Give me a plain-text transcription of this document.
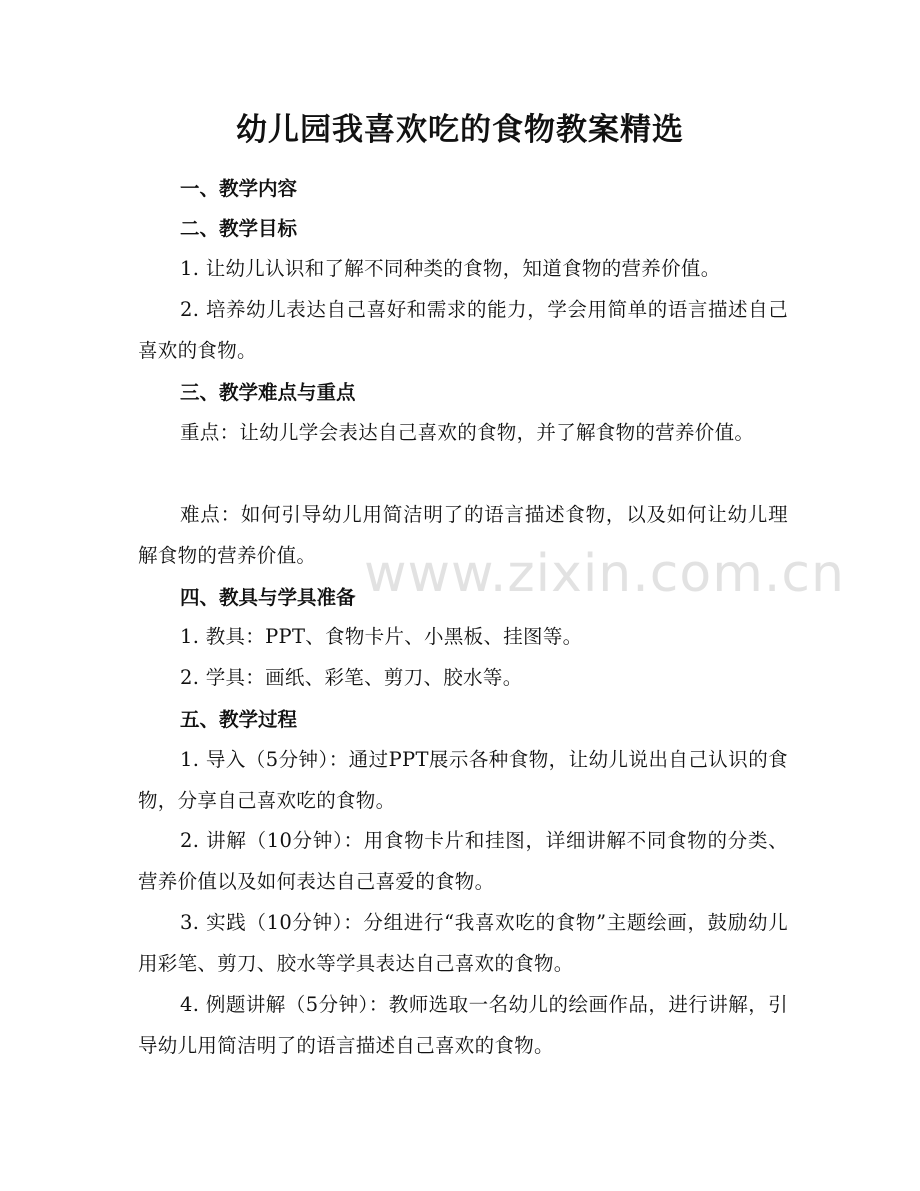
幼儿园我喜欢吃的食物教案精选
一、教学内容
二、教学目标
1. 让幼儿认识和了解不同种类的食物，知道食物的营养价值。
2. 培养幼儿表达自己喜好和需求的能力，学会用简单的语言描述自己喜欢的食物。
三、教学难点与重点
重点：让幼儿学会表达自己喜欢的食物，并了解食物的营养价值。
难点：如何引导幼儿用简洁明了的语言描述食物，以及如何让幼儿理解食物的营养价值。
四、教具与学具准备
1. 教具：PPT、食物卡片、小黑板、挂图等。
2. 学具：画纸、彩笔、剪刀、胶水等。
五、教学过程
1. 导入（5分钟）：通过PPT展示各种食物，让幼儿说出自己认识的食物，分享自己喜欢吃的食物。
2. 讲解（10分钟）：用食物卡片和挂图，详细讲解不同食物的分类、营养价值以及如何表达自己喜爱的食物。
3. 实践（10分钟）：分组进行“我喜欢吃的食物”主题绘画，鼓励幼儿用彩笔、剪刀、胶水等学具表达自己喜欢的食物。
4. 例题讲解（5分钟）：教师选取一名幼儿的绘画作品，进行讲解，引导幼儿用简洁明了的语言描述自己喜欢的食物。
www.zixin.com.cn
